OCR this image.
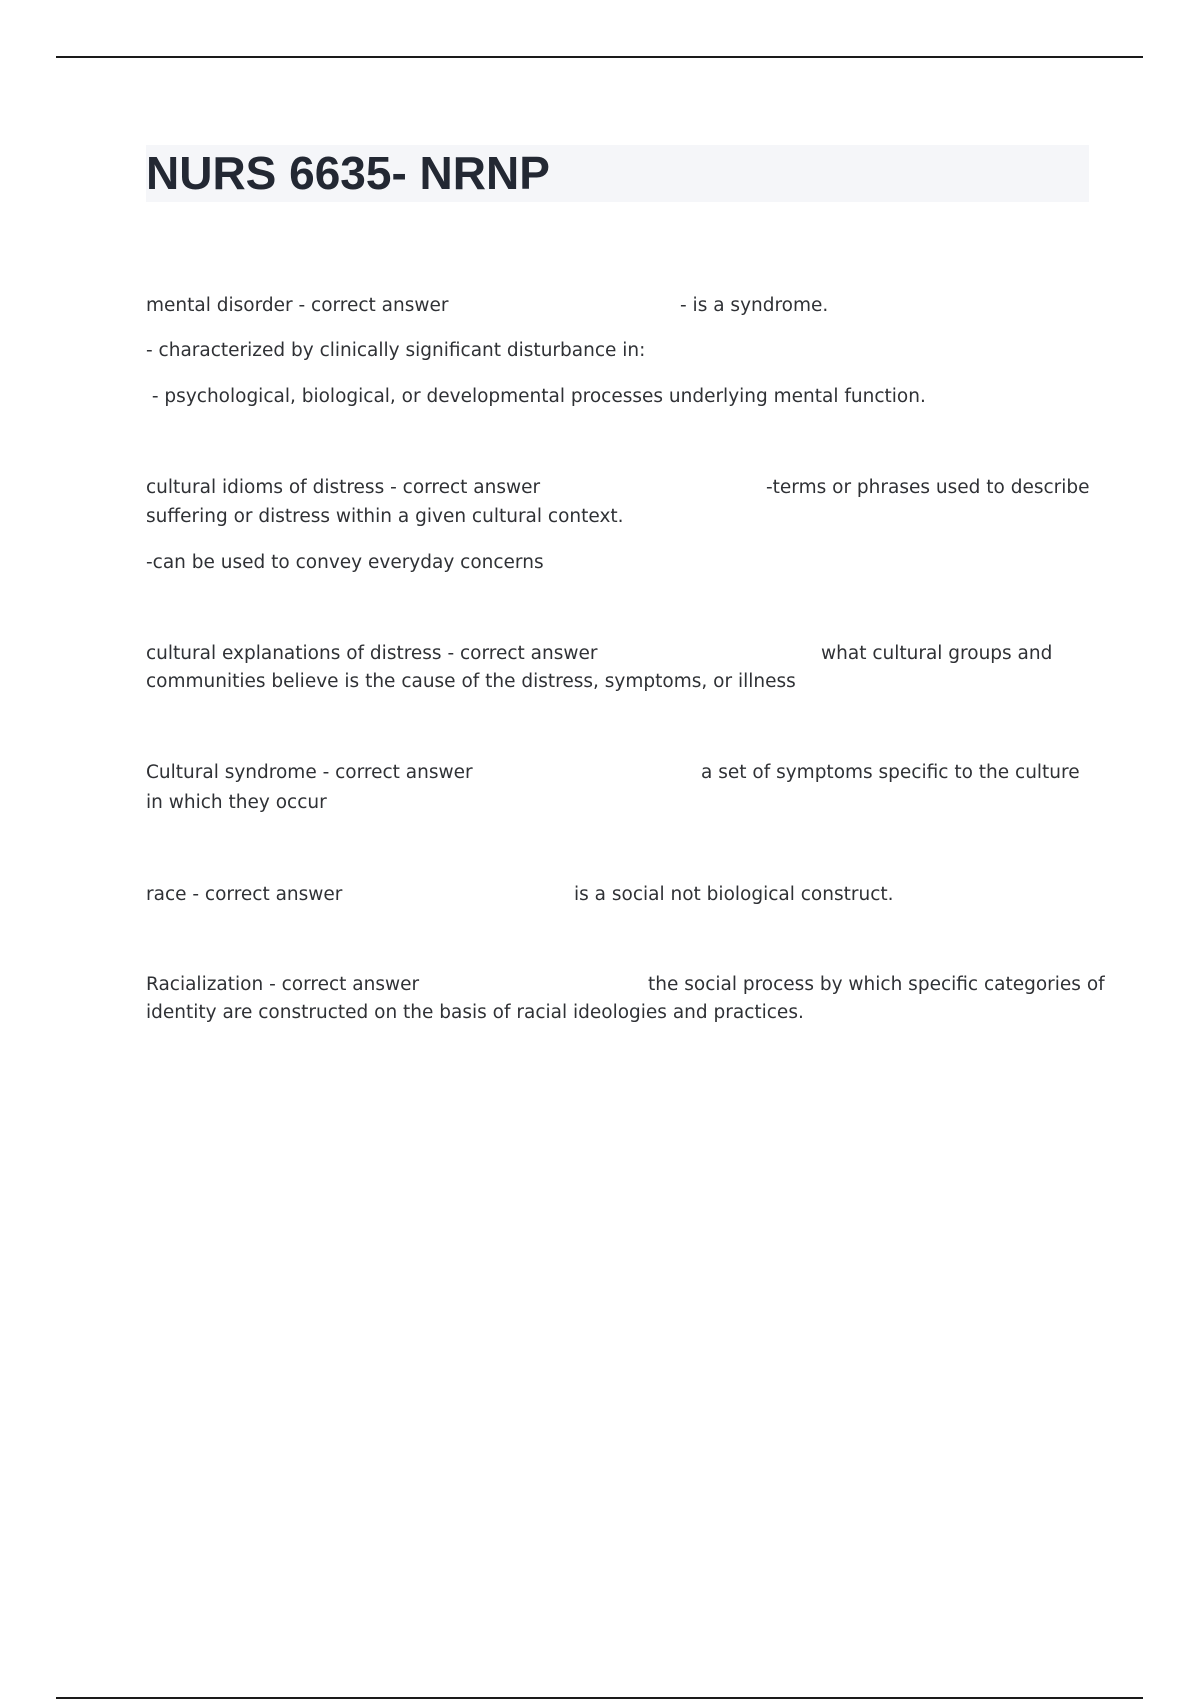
NURS 6635- NRNP
mental disorder - correct answer	- is a syndrome.
- characterized by clinically significant disturbance in:
- psychological, biological, or developmental processes underlying mental function.
cultural idioms of distress - correct answer	-terms or phrases used to describe
suffering or distress within a given cultural context.
-can be used to convey everyday concerns
cultural explanations of distress - correct answer	what cultural groups and
communities believe is the cause of the distress, symptoms, or illness
Cultural syndrome - correct answer	a set of symptoms specific to the culture
in which they occur
race - correct answer	is a social not biological construct.
Racialization - correct answer	the social process by which specific categories of
identity are constructed on the basis of racial ideologies and practices.
